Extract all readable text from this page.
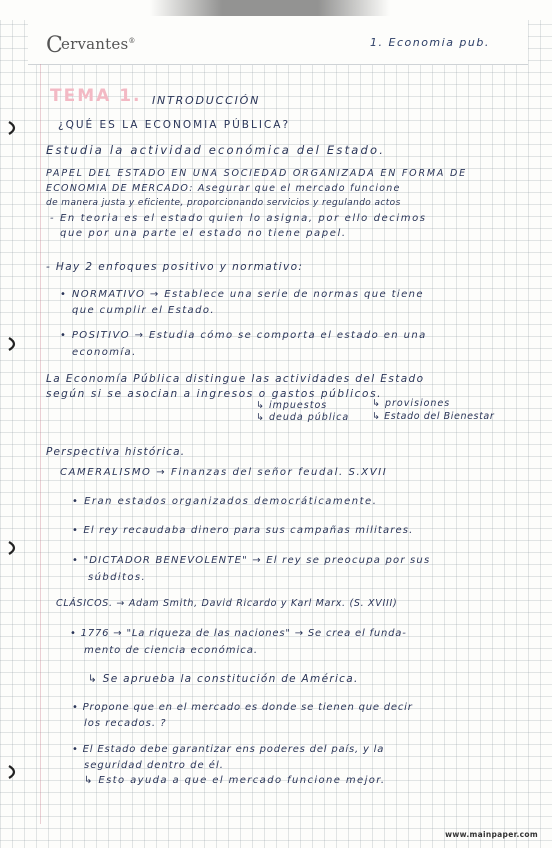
Cervantes®	1. Economia pub.
TEMA 1. INTRODUCCIÓN
¿QUÉ ES LA ECONOMIA PÚBLICA?
Estudia la actividad económica del Estado.
PAPEL DEL ESTADO EN UNA SOCIEDAD ORGANIZADA EN FORMA DE
ECONOMIA DE MERCADO: Asegurar que el mercado funcione
de manera justa y eficiente, proporcionando servicios y regulando actos
- En teoria es el estado quien lo asigna, por ello decimos
que por una parte el estado no tiene papel.
- Hay 2 enfoques positivo y normativo:
• NORMATIVO → Establece una serie de normas que tiene
que cumplir el Estado.
• POSITIVO → Estudia cómo se comporta el estado en una
economía.
La Economía Pública distingue las actividades del Estado
según si se asocian a ingresos o gastos públicos.
↳ impuestos
↳ deuda pública
↳ provisiones
↳ Estado del Bienestar
Perspectiva histórica.
CAMERALISMO → Finanzas del señor feudal. S.XVII
• Eran estados organizados democráticamente.
• El rey recaudaba dinero para sus campañas militares.
• "DICTADOR BENEVOLENTE" → El rey se preocupa por sus
súbditos.
CLÁSICOS. → Adam Smith, David Ricardo y Karl Marx. (S. XVIII)
• 1776 → "La riqueza de las naciones" → Se crea el funda-
mento de ciencia económica.
↳ Se aprueba la constitución de América.
• Propone que en el mercado es donde se tienen que decir
los recados. ?
• El Estado debe garantizar ens poderes del país, y la
seguridad dentro de él.
↳ Esto ayuda a que el mercado funcione mejor.
www.mainpaper.com
